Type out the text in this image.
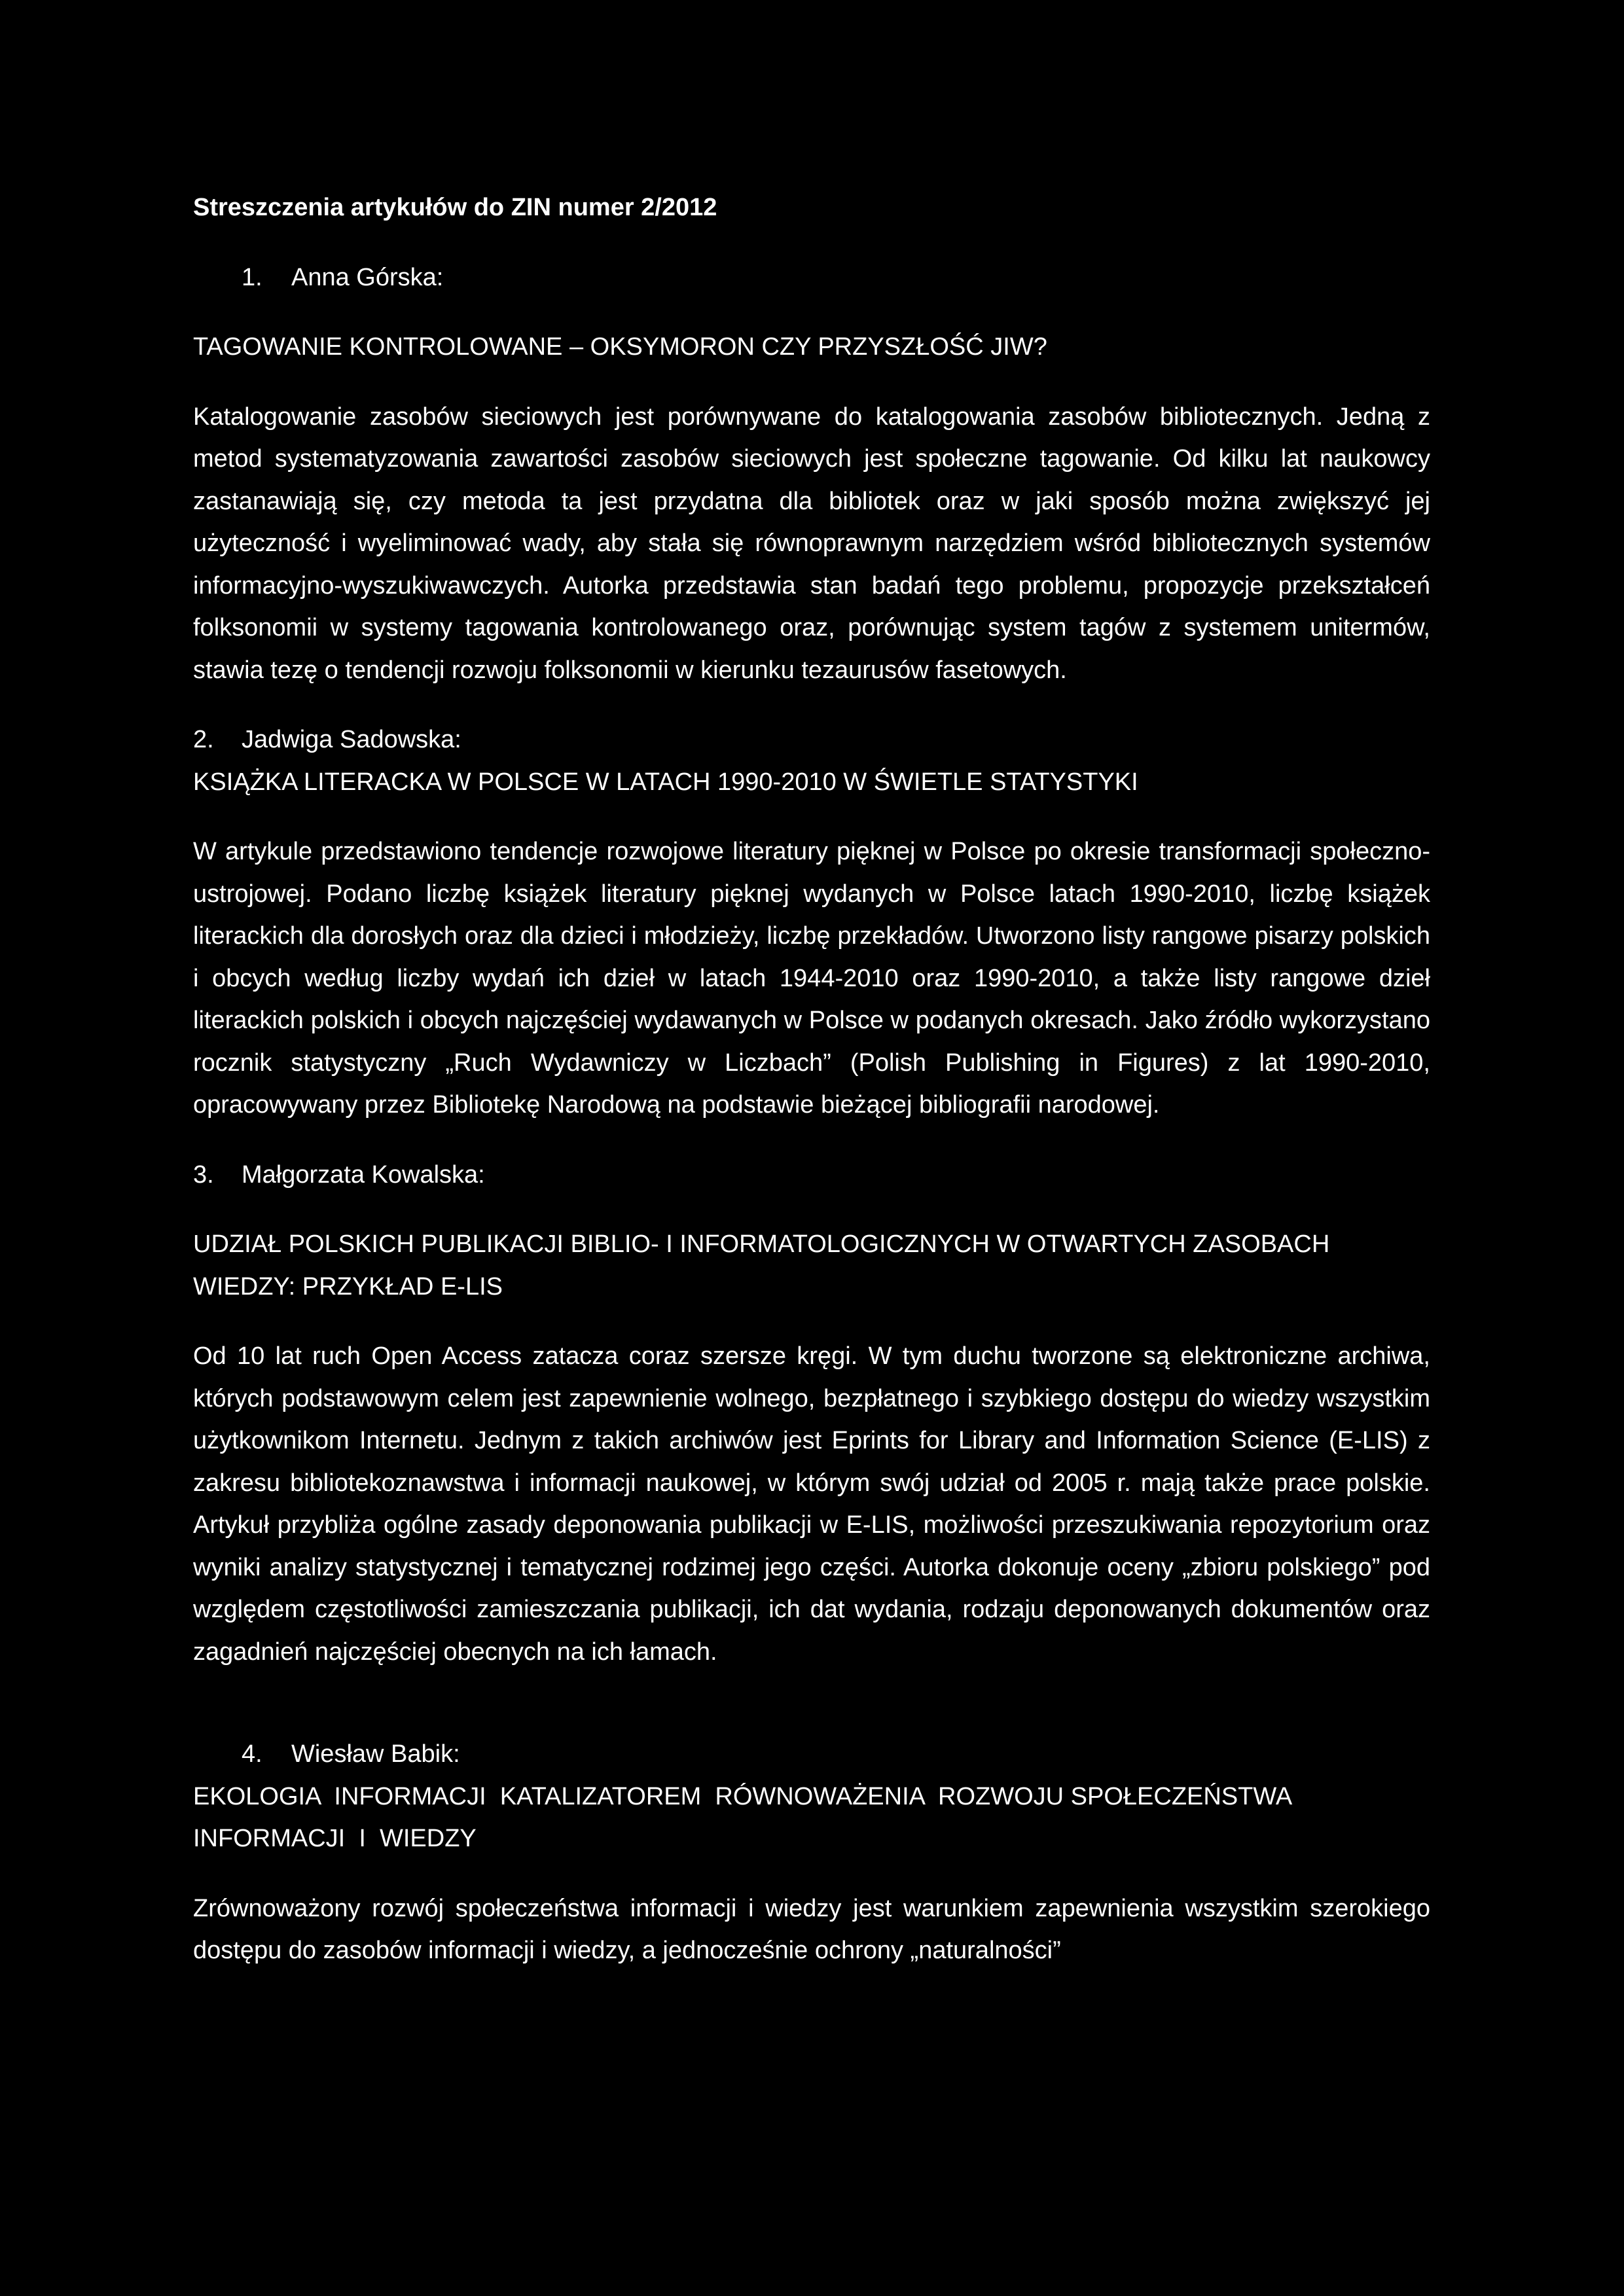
Streszczenia artykułów do ZIN numer 2/2012

1. Anna Górska:

TAGOWANIE KONTROLOWANE – OKSYMORON CZY PRZYSZŁOŚĆ JIW?

Katalogowanie zasobów sieciowych jest porównywane do katalogowania zasobów bibliotecznych. Jedną z metod systematyzowania zawartości zasobów sieciowych jest społeczne tagowanie. Od kilku lat naukowcy zastanawiają się, czy metoda ta jest przydatna dla bibliotek oraz w jaki sposób można zwiększyć jej użyteczność i wyeliminować wady, aby stała się równoprawnym narzędziem wśród bibliotecznych systemów informacyjno-wyszukiwawczych. Autorka przedstawia stan badań tego problemu, propozycje przekształceń folksonomii w systemy tagowania kontrolowanego oraz, porównując system tagów z systemem unitermów, stawia tezę o tendencji rozwoju folksonomii w kierunku tezaurusów fasetowych.

2. Jadwiga Sadowska:

KSIĄŻKA LITERACKA W POLSCE W LATACH 1990-2010 W ŚWIETLE STATYSTYKI

W artykule przedstawiono tendencje rozwojowe literatury pięknej w Polsce po okresie transformacji społeczno-ustrojowej. Podano liczbę książek literatury pięknej wydanych w Polsce latach 1990-2010, liczbę książek literackich dla dorosłych oraz dla dzieci i młodzieży, liczbę przekładów. Utworzono listy rangowe pisarzy polskich i obcych według liczby wydań ich dzieł w latach 1944-2010 oraz 1990-2010, a także listy rangowe dzieł literackich polskich i obcych najczęściej wydawanych w Polsce w podanych okresach. Jako źródło wykorzystano rocznik statystyczny „Ruch Wydawniczy w Liczbach” (Polish Publishing in Figures) z lat 1990-2010, opracowywany przez Bibliotekę Narodową na podstawie bieżącej bibliografii narodowej.

3. Małgorzata Kowalska:

UDZIAŁ POLSKICH PUBLIKACJI BIBLIO- I INFORMATOLOGICZNYCH W OTWARTYCH ZASOBACH
WIEDZY: PRZYKŁAD E-LIS

Od 10 lat ruch Open Access zatacza coraz szersze kręgi. W tym duchu tworzone są elektroniczne archiwa, których podstawowym celem jest zapewnienie wolnego, bezpłatnego i szybkiego dostępu do wiedzy wszystkim użytkownikom Internetu. Jednym z takich archiwów jest Eprints for Library and Information Science (E-LIS) z zakresu bibliotekoznawstwa i informacji naukowej, w którym swój udział od 2005 r. mają także prace polskie. Artykuł przybliża ogólne zasady deponowania publikacji w E-LIS, możliwości przeszukiwania repozytorium oraz wyniki analizy statystycznej i tematycznej rodzimej jego części. Autorka dokonuje oceny „zbioru polskiego” pod względem częstotliwości zamieszczania publikacji, ich dat wydania, rodzaju deponowanych dokumentów oraz zagadnień najczęściej obecnych na ich łamach.

4. Wiesław Babik:

EKOLOGIA  INFORMACJI  KATALIZATOREM  RÓWNOWAŻENIA  ROZWOJU SPOŁECZEŃSTWA
INFORMACJI  I  WIEDZY

Zrównoważony rozwój społeczeństwa informacji i wiedzy jest warunkiem zapewnienia wszystkim szerokiego dostępu do zasobów informacji i wiedzy, a jednocześnie ochrony „naturalności”
